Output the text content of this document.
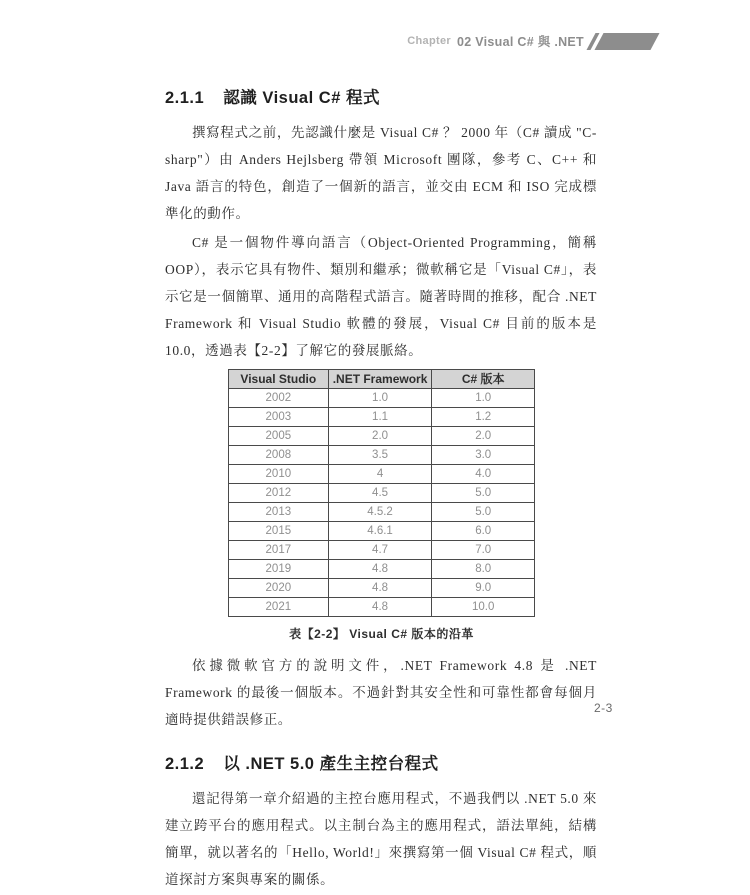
Chapter 02 Visual C# 與 .NET
2.1.1 認識 Visual C# 程式

撰寫程式之前，先認識什麼是 Visual C# ？ 2000 年（C# 讀成 "C-sharp"）由 Anders Hejlsberg 帶領 Microsoft 團隊，參考 C、C++ 和 Java 語言的特色，創造了一個新的語言，並交由 ECM 和 ISO 完成標準化的動作。

C# 是一個物件導向語言（Object-Oriented Programming，簡稱 OOP），表示它具有物件、類別和繼承；微軟稱它是「Visual C#」，表示它是一個簡單、通用的高階程式語言。隨著時間的推移，配合 .NET Framework 和 Visual Studio 軟體的發展，Visual C# 目前的版本是 10.0，透過表【2-2】了解它的發展脈絡。

Visual Studio	.NET Framework	C# 版本
2002	1.0	1.0
2003	1.1	1.2
2005	2.0	2.0
2008	3.5	3.0
2010	4	4.0
2012	4.5	5.0
2013	4.5.2	5.0
2015	4.6.1	6.0
2017	4.7	7.0
2019	4.8	8.0
2020	4.8	9.0
2021	4.8	10.0
表【2-2】 Visual C# 版本的沿革

依據微軟官方的說明文件，.NET Framework 4.8 是 .NET Framework 的最後一個版本。不過針對其安全性和可靠性都會每個月適時提供錯誤修正。

2.1.2 以 .NET 5.0 產生主控台程式

還記得第一章介紹過的主控台應用程式，不過我們以 .NET 5.0 來建立跨平台的應用程式。以主制台為主的應用程式，語法單純，結構簡單，就以著名的「Hello, World!」來撰寫第一個 Visual C# 程式，順道探討方案與專案的關係。

2-3
